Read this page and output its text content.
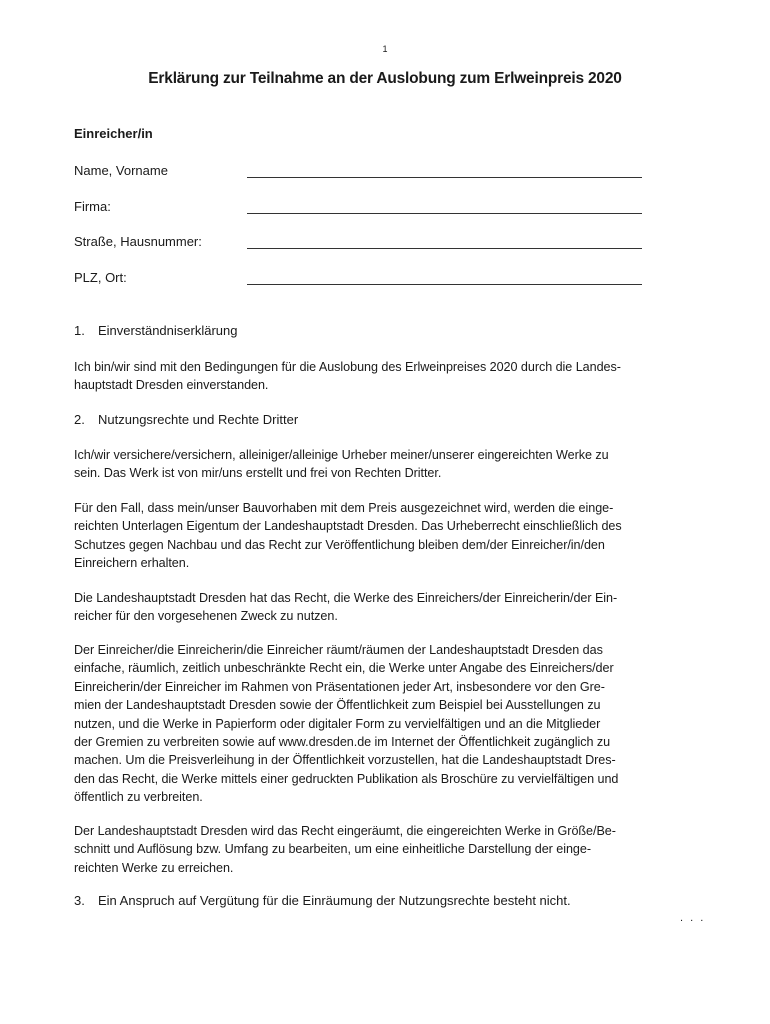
1
Erklärung zur Teilnahme an der Auslobung zum Erlweinpreis 2020
Einreicher/in
Name, Vorname
Firma:
Straße, Hausnummer:
PLZ, Ort:
1. Einverständniserklärung
Ich bin/wir sind mit den Bedingungen für die Auslobung des Erlweinpreises 2020 durch die Landes-
hauptstadt Dresden einverstanden.
2. Nutzungsrechte und Rechte Dritter
Ich/wir versichere/versichern, alleiniger/alleinige Urheber meiner/unserer eingereichten Werke zu
sein. Das Werk ist von mir/uns erstellt und frei von Rechten Dritter.
Für den Fall, dass mein/unser Bauvorhaben mit dem Preis ausgezeichnet wird, werden die einge-
reichten Unterlagen Eigentum der Landeshauptstadt Dresden. Das Urheberrecht einschließlich des
Schutzes gegen Nachbau und das Recht zur Veröffentlichung bleiben dem/der Einreicher/in/den
Einreichern erhalten.
Die Landeshauptstadt Dresden hat das Recht, die Werke des Einreichers/der Einreicherin/der Ein-
reicher für den vorgesehenen Zweck zu nutzen.
Der Einreicher/die Einreicherin/die Einreicher räumt/räumen der Landeshauptstadt Dresden das
einfache, räumlich, zeitlich unbeschränkte Recht ein, die Werke unter Angabe des Einreichers/der
Einreicherin/der Einreicher im Rahmen von Präsentationen jeder Art, insbesondere vor den Gre-
mien der Landeshauptstadt Dresden sowie der Öffentlichkeit zum Beispiel bei Ausstellungen zu
nutzen, und die Werke in Papierform oder digitaler Form zu vervielfältigen und an die Mitglieder
der Gremien zu verbreiten sowie auf www.dresden.de im Internet der Öffentlichkeit zugänglich zu
machen. Um die Preisverleihung in der Öffentlichkeit vorzustellen, hat die Landeshauptstadt Dres-
den das Recht, die Werke mittels einer gedruckten Publikation als Broschüre zu vervielfältigen und
öffentlich zu verbreiten.
Der Landeshauptstadt Dresden wird das Recht eingeräumt, die eingereichten Werke in Größe/Be-
schnitt und Auflösung bzw. Umfang zu bearbeiten, um eine einheitliche Darstellung der einge-
reichten Werke zu erreichen.
3. Ein Anspruch auf Vergütung für die Einräumung der Nutzungsrechte besteht nicht.
. . .
